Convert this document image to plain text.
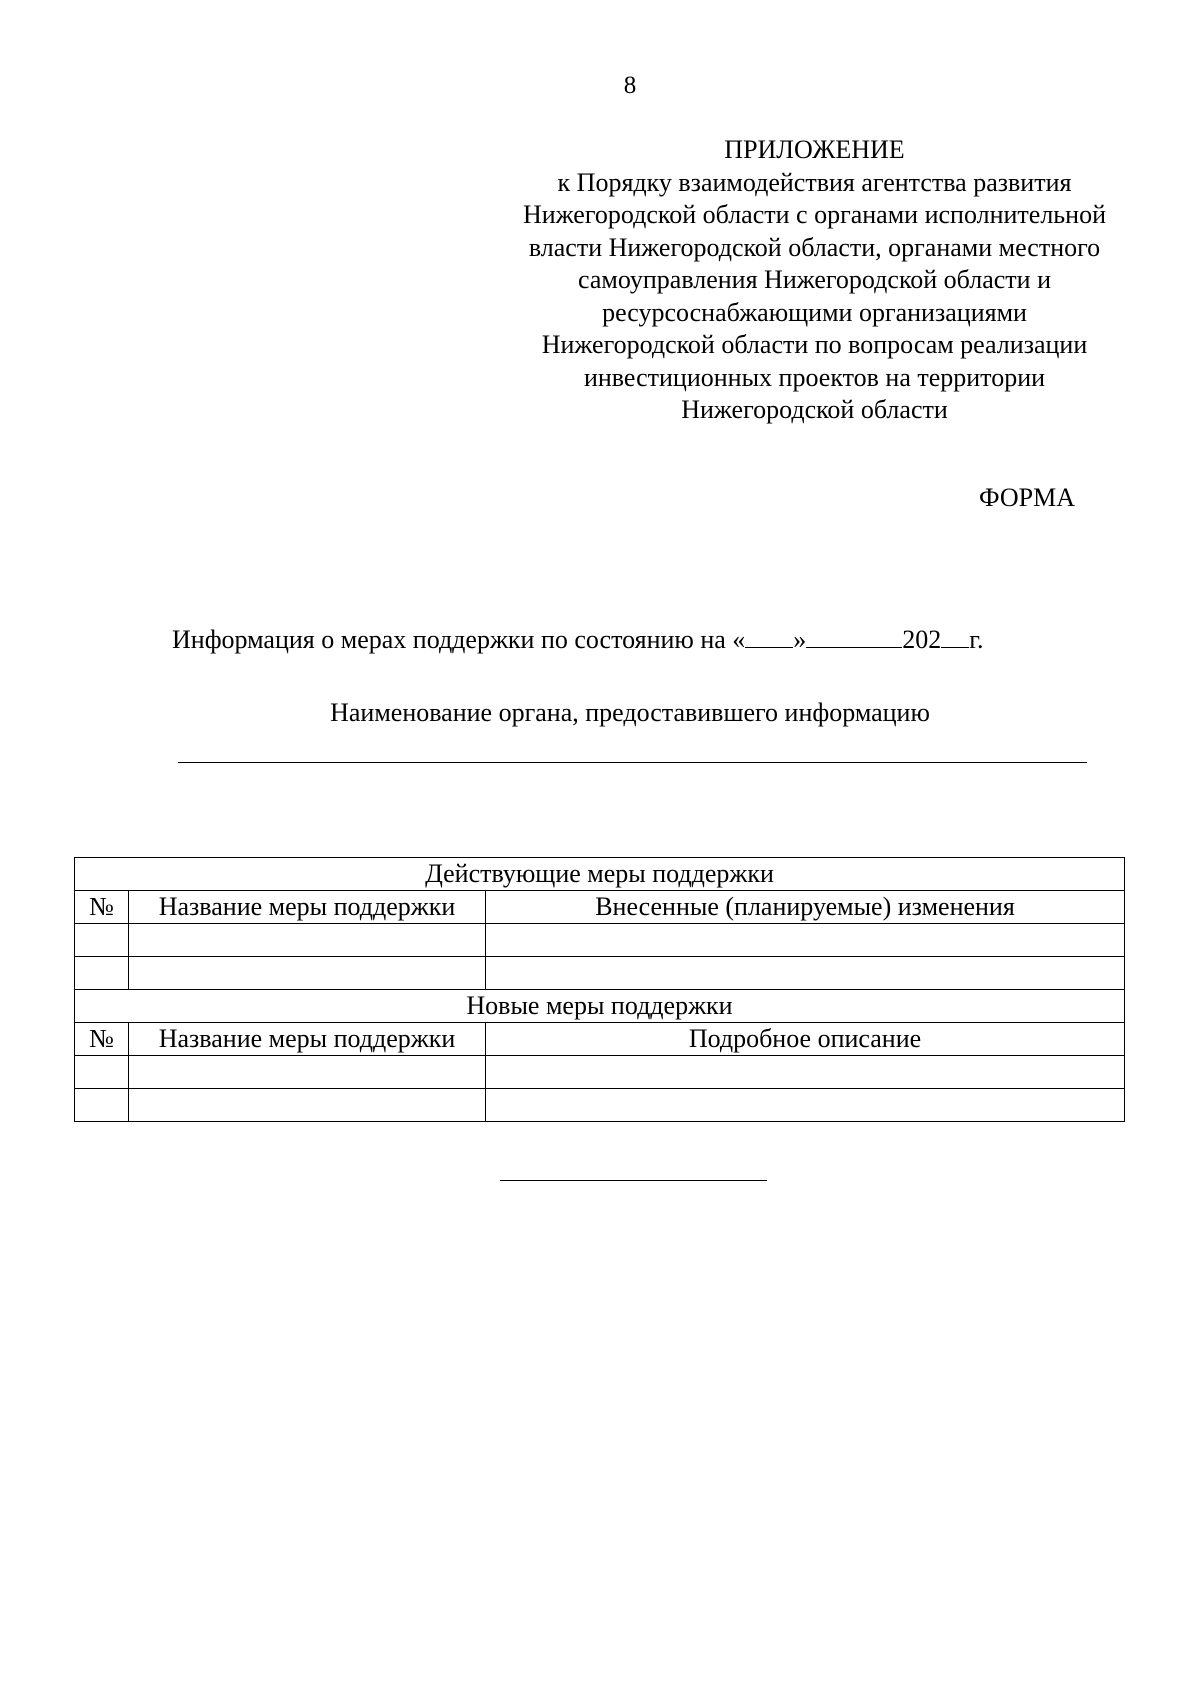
8
ПРИЛОЖЕНИЕ
к Порядку взаимодействия агентства развития
Нижегородской области с органами исполнительной
власти Нижегородской области, органами местного
самоуправления Нижегородской области и
ресурсоснабжающими организациями
Нижегородской области по вопросам реализации
инвестиционных проектов на территории
Нижегородской области
ФОРМА
Информация о мерах поддержки по состоянию на « »	202 г.
Наименование органа, предоставившего информацию
Действующие меры поддержки		
№	Название меры поддержки	Внесенные (планируемые) изменения

Новые меры поддержки		
№	Название меры поддержки	Подробное описание
